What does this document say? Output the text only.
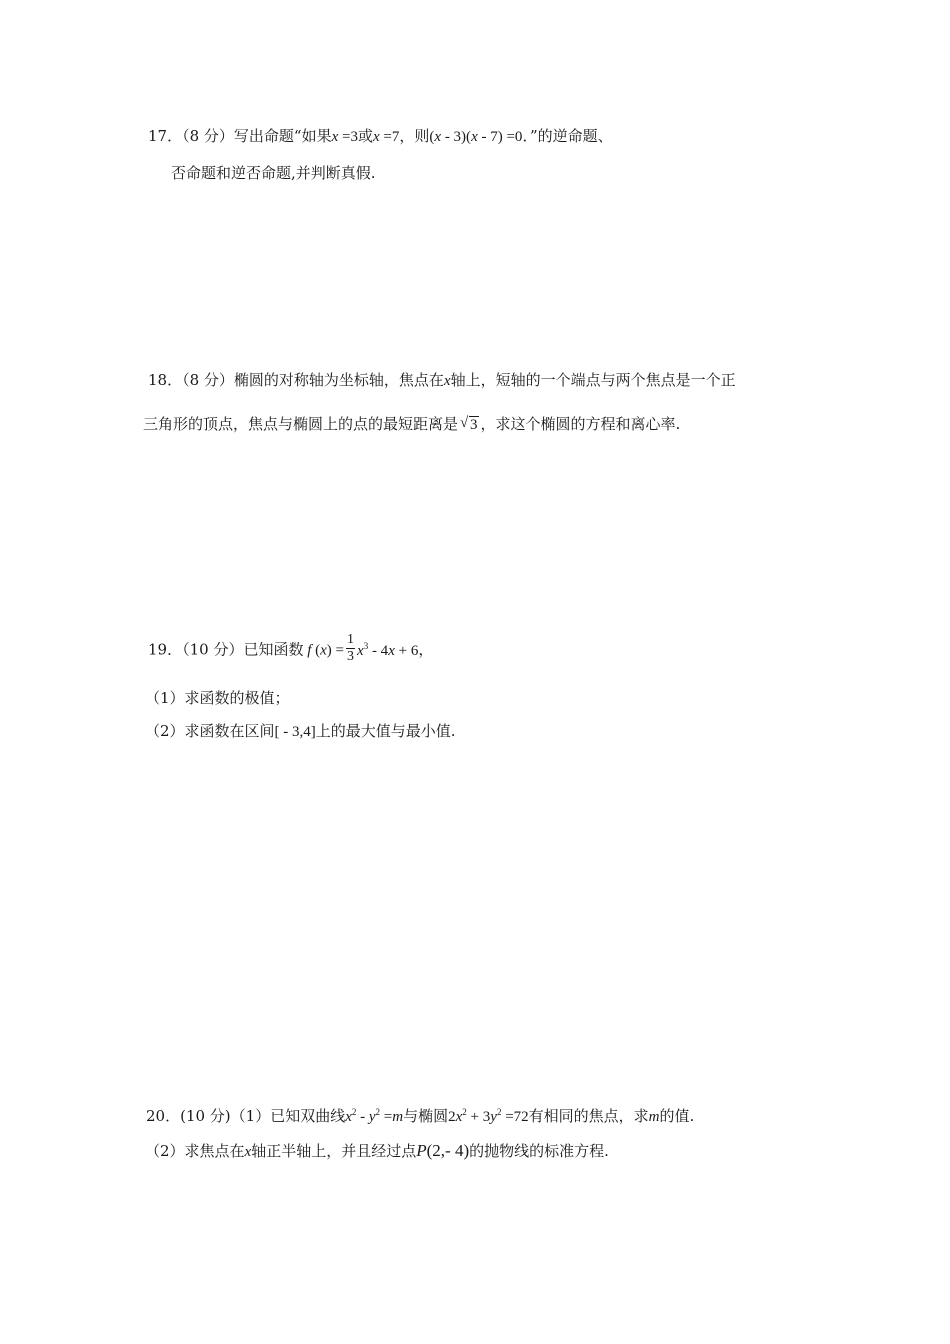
17．（8 分）写出命题“如果x =3或x =7，则(x - 3)(x - 7) =0．”的逆命题、
否命题和逆否命题,并判断真假.
18．（8 分）椭圆的对称轴为坐标轴，焦点在x轴上，短轴的一个端点与两个焦点是一个正
三角形的顶点，焦点与椭圆上的点的最短距离是 √ 3 ，求这个椭圆的方程和离心率.
19．（10 分）已知函数 f $(x) = \frac{1}{3} x^3 - 4x + 6$，
（1）求函数的极值；
（2）求函数在区间[ - 3,4]上的最大值与最小值.
20．(10 分)（1）已知双曲线$x^2 - y^2 =m$与椭圆$2x^2 + 3y^2 =72$有相同的焦点，求m的值.
（2）求焦点在x轴正半轴上，并且经过点P(2,- 4)的抛物线的标准方程.
